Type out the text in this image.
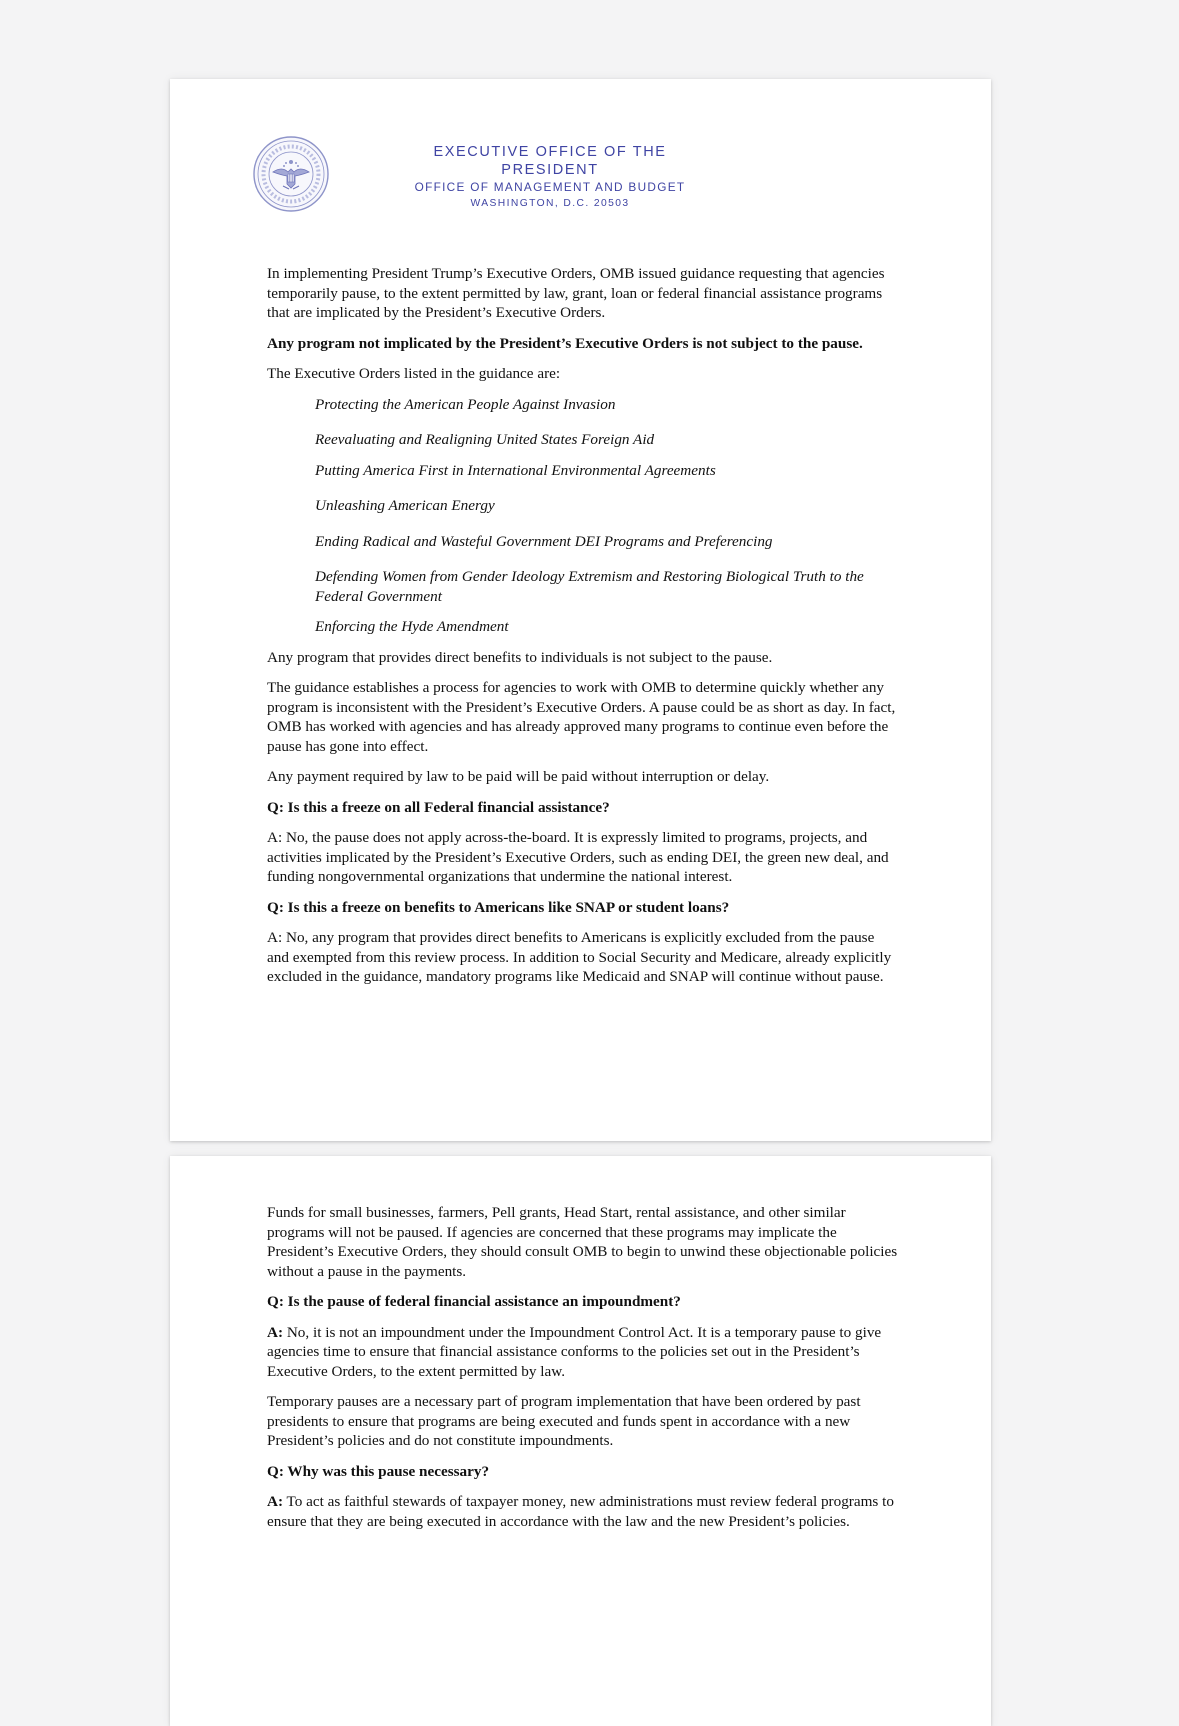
EXECUTIVE OFFICE OF THE PRESIDENT
OFFICE OF MANAGEMENT AND BUDGET
WASHINGTON, D.C. 20503

In implementing President Trump’s Executive Orders, OMB issued guidance requesting that agencies temporarily pause, to the extent permitted by law, grant, loan or federal financial assistance programs that are implicated by the President’s Executive Orders.

Any program not implicated by the President’s Executive Orders is not subject to the pause.

The Executive Orders listed in the guidance are:

Protecting the American People Against Invasion
Reevaluating and Realigning United States Foreign Aid
Putting America First in International Environmental Agreements
Unleashing American Energy
Ending Radical and Wasteful Government DEI Programs and Preferencing
Defending Women from Gender Ideology Extremism and Restoring Biological Truth to the Federal Government
Enforcing the Hyde Amendment

Any program that provides direct benefits to individuals is not subject to the pause.

The guidance establishes a process for agencies to work with OMB to determine quickly whether any program is inconsistent with the President’s Executive Orders. A pause could be as short as day. In fact, OMB has worked with agencies and has already approved many programs to continue even before the pause has gone into effect.

Any payment required by law to be paid will be paid without interruption or delay.

Q: Is this a freeze on all Federal financial assistance?

A: No, the pause does not apply across-the-board. It is expressly limited to programs, projects, and activities implicated by the President’s Executive Orders, such as ending DEI, the green new deal, and funding nongovernmental organizations that undermine the national interest.

Q: Is this a freeze on benefits to Americans like SNAP or student loans?

A: No, any program that provides direct benefits to Americans is explicitly excluded from the pause and exempted from this review process. In addition to Social Security and Medicare, already explicitly excluded in the guidance, mandatory programs like Medicaid and SNAP will continue without pause.

Funds for small businesses, farmers, Pell grants, Head Start, rental assistance, and other similar programs will not be paused. If agencies are concerned that these programs may implicate the President’s Executive Orders, they should consult OMB to begin to unwind these objectionable policies without a pause in the payments.

Q: Is the pause of federal financial assistance an impoundment?

A: No, it is not an impoundment under the Impoundment Control Act. It is a temporary pause to give agencies time to ensure that financial assistance conforms to the policies set out in the President’s Executive Orders, to the extent permitted by law.

Temporary pauses are a necessary part of program implementation that have been ordered by past presidents to ensure that programs are being executed and funds spent in accordance with a new President’s policies and do not constitute impoundments.

Q: Why was this pause necessary?

A: To act as faithful stewards of taxpayer money, new administrations must review federal programs to ensure that they are being executed in accordance with the law and the new President’s policies.
